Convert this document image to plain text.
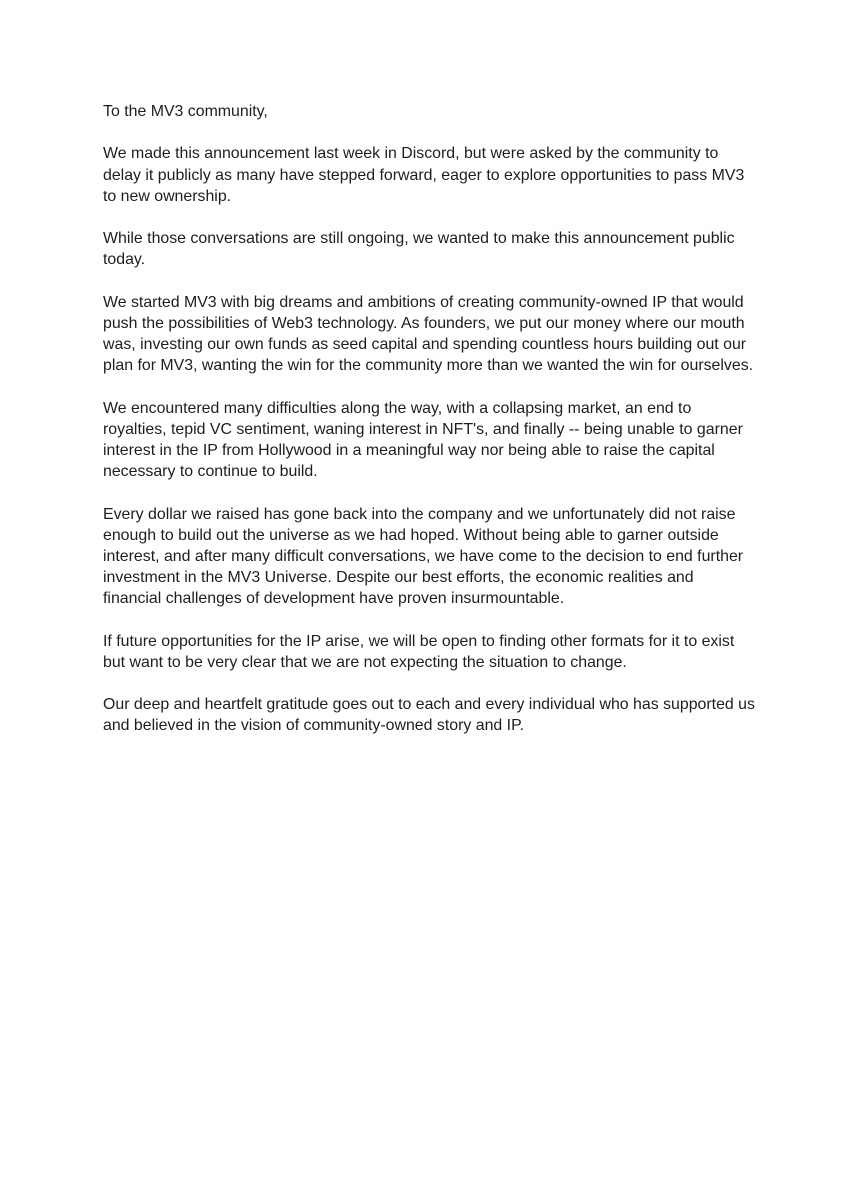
To the MV3 community,

We made this announcement last week in Discord, but were asked by the community to
delay it publicly as many have stepped forward, eager to explore opportunities to pass MV3
to new ownership.

While those conversations are still ongoing, we wanted to make this announcement public
today.

We started MV3 with big dreams and ambitions of creating community-owned IP that would
push the possibilities of Web3 technology. As founders, we put our money where our mouth
was, investing our own funds as seed capital and spending countless hours building out our
plan for MV3, wanting the win for the community more than we wanted the win for ourselves.

We encountered many difficulties along the way, with a collapsing market, an end to
royalties, tepid VC sentiment, waning interest in NFT's, and finally -- being unable to garner
interest in the IP from Hollywood in a meaningful way nor being able to raise the capital
necessary to continue to build.

Every dollar we raised has gone back into the company and we unfortunately did not raise
enough to build out the universe as we had hoped. Without being able to garner outside
interest, and after many difficult conversations, we have come to the decision to end further
investment in the MV3 Universe. Despite our best efforts, the economic realities and
financial challenges of development have proven insurmountable.

If future opportunities for the IP arise, we will be open to finding other formats for it to exist
but want to be very clear that we are not expecting the situation to change.

Our deep and heartfelt gratitude goes out to each and every individual who has supported us
and believed in the vision of community-owned story and IP.
